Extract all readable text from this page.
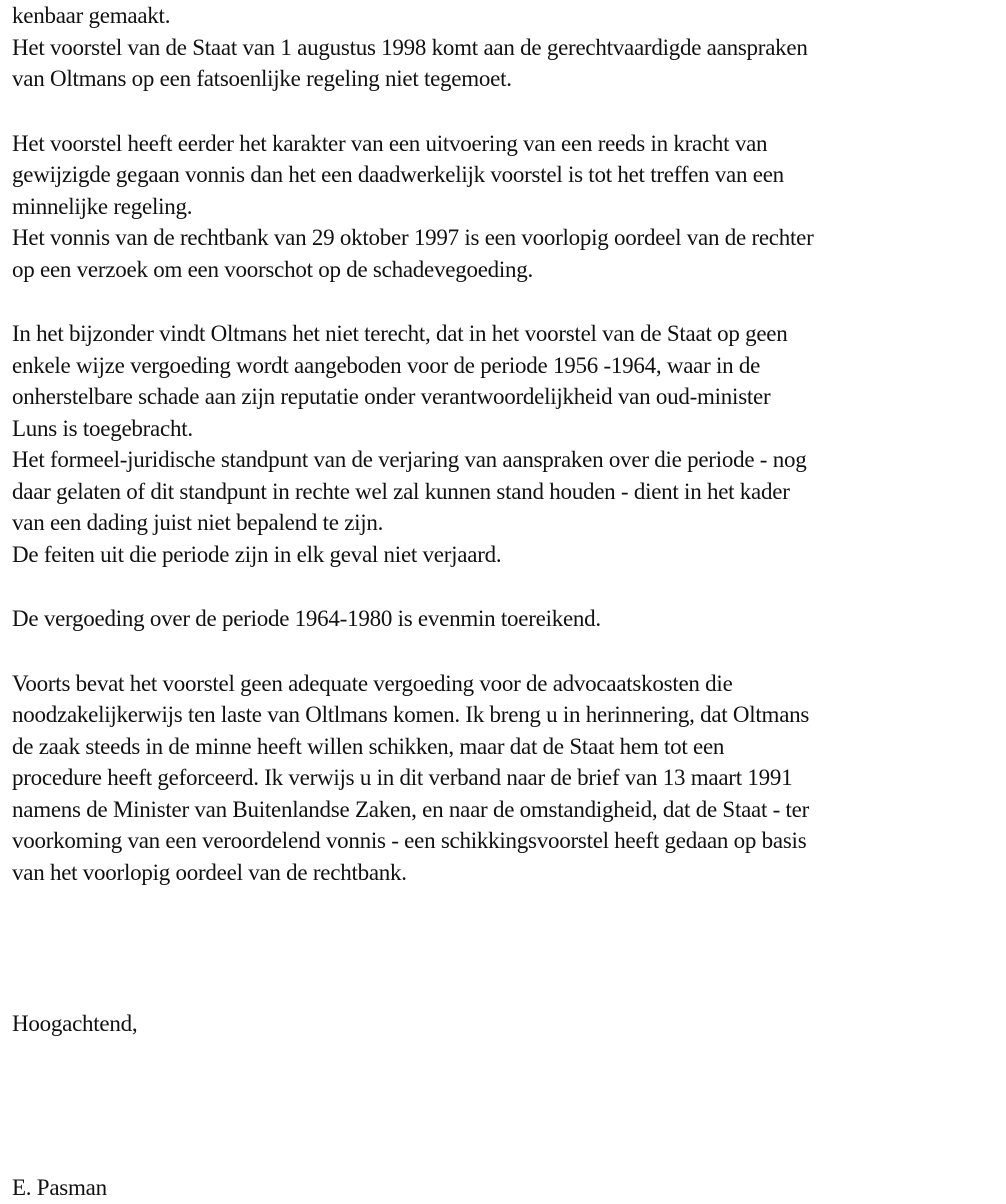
kenbaar gemaakt.
Het voorstel van de Staat van 1 augustus 1998 komt aan de gerechtvaardigde aanspraken
van Oltmans op een fatsoenlijke regeling niet tegemoet.
Het voorstel heeft eerder het karakter van een uitvoering van een reeds in kracht van
gewijzigde gegaan vonnis dan het een daadwerkelijk voorstel is tot het treffen van een
minnelijke regeling.
Het vonnis van de rechtbank van 29 oktober 1997 is een voorlopig oordeel van de rechter
op een verzoek om een voorschot op de schadevegoeding.
In het bijzonder vindt Oltmans het niet terecht, dat in het voorstel van de Staat op geen
enkele wijze vergoeding wordt aangeboden voor de periode 1956 -1964, waar in de
onherstelbare schade aan zijn reputatie onder verantwoordelijkheid van oud-minister
Luns is toegebracht.
Het formeel-juridische standpunt van de verjaring van aanspraken over die periode - nog
daar gelaten of dit standpunt in rechte wel zal kunnen stand houden - dient in het kader
van een dading juist niet bepalend te zijn.
De feiten uit die periode zijn in elk geval niet verjaard.
De vergoeding over de periode 1964-1980 is evenmin toereikend.
Voorts bevat het voorstel geen adequate vergoeding voor de advocaatskosten die
noodzakelijkerwijs ten laste van Oltlmans komen. Ik breng u in herinnering, dat Oltmans
de zaak steeds in de minne heeft willen schikken, maar dat de Staat hem tot een
procedure heeft geforceerd. Ik verwijs u in dit verband naar de brief van 13 maart 1991
namens de Minister van Buitenlandse Zaken, en naar de omstandigheid, dat de Staat - ter
voorkoming van een veroordelend vonnis - een schikkingsvoorstel heeft gedaan op basis
van het voorlopig oordeel van de rechtbank.
Hoogachtend,
E. Pasman
